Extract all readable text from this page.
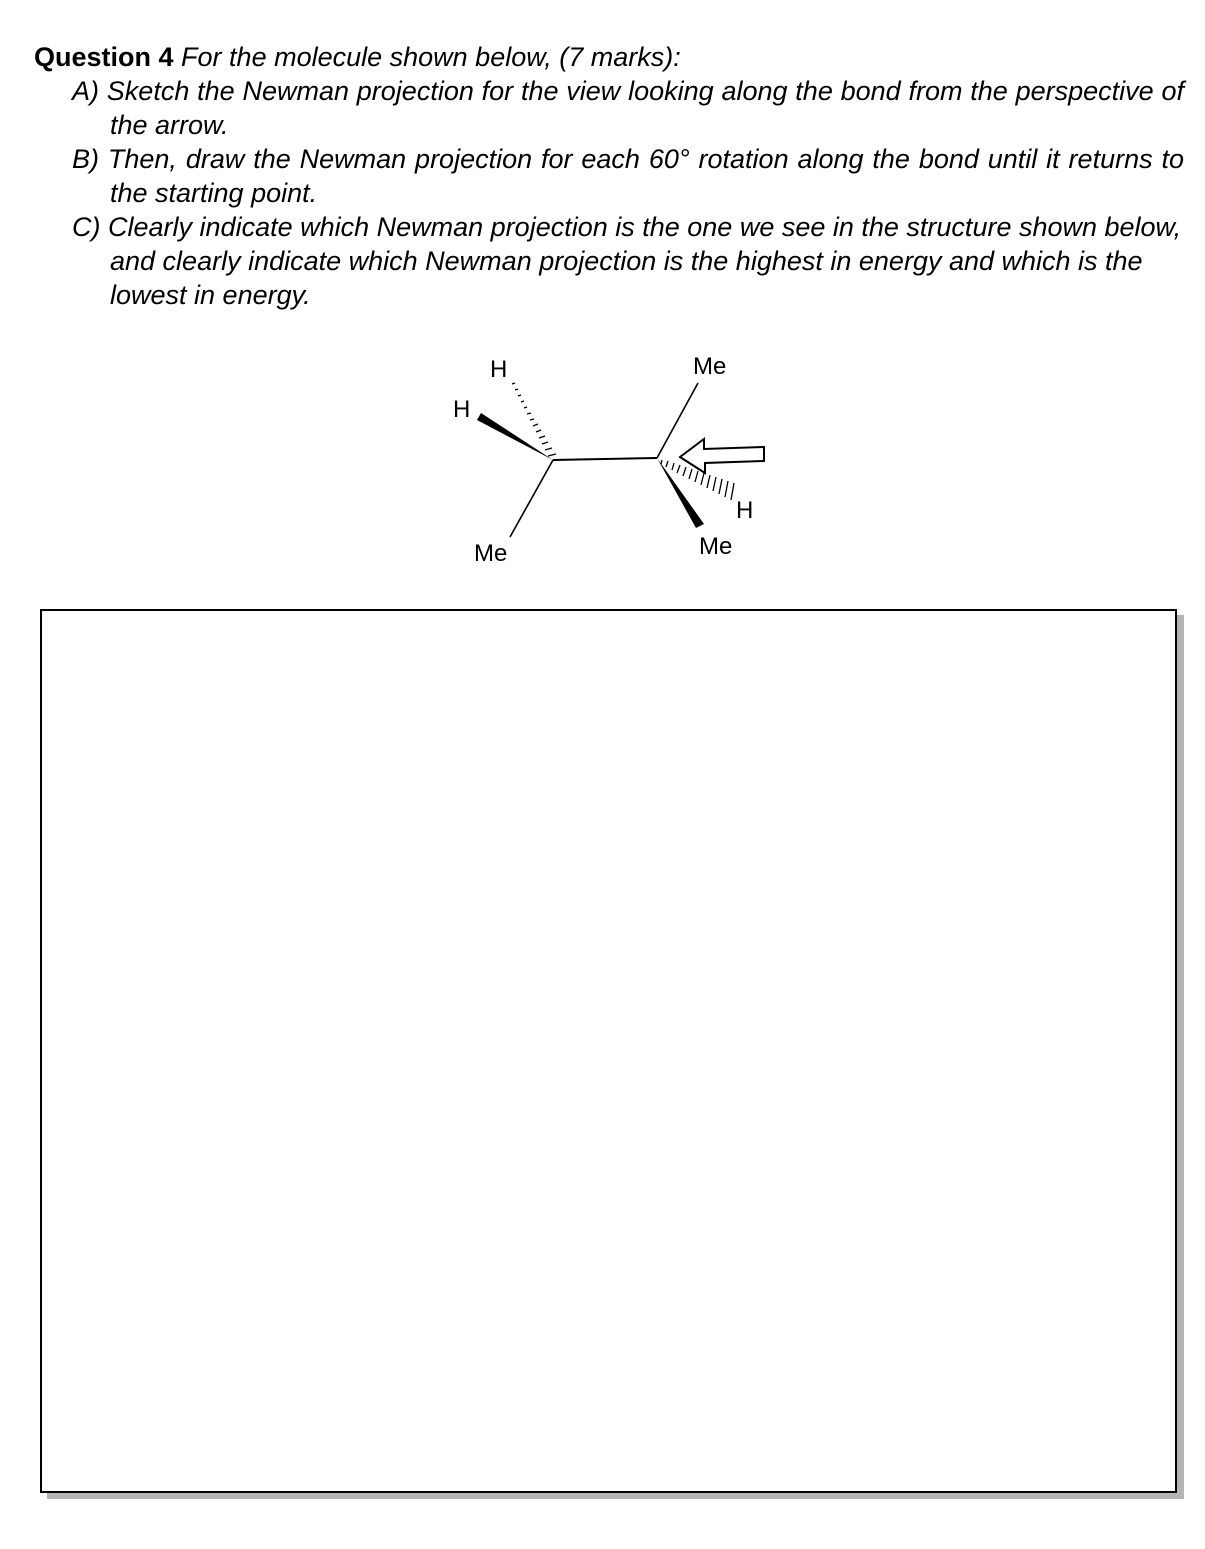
Question 4 For the molecule shown below, (7 marks):
A) Sketch the Newman projection for the view looking along the bond from the perspective of the arrow.
B) Then, draw the Newman projection for each 60° rotation along the bond until it returns to the starting point.
C) Clearly indicate which Newman projection is the one we see in the structure shown below, and clearly indicate which Newman projection is the highest in energy and which is the lowest in energy.
H
H
Me
Me
H
Me
